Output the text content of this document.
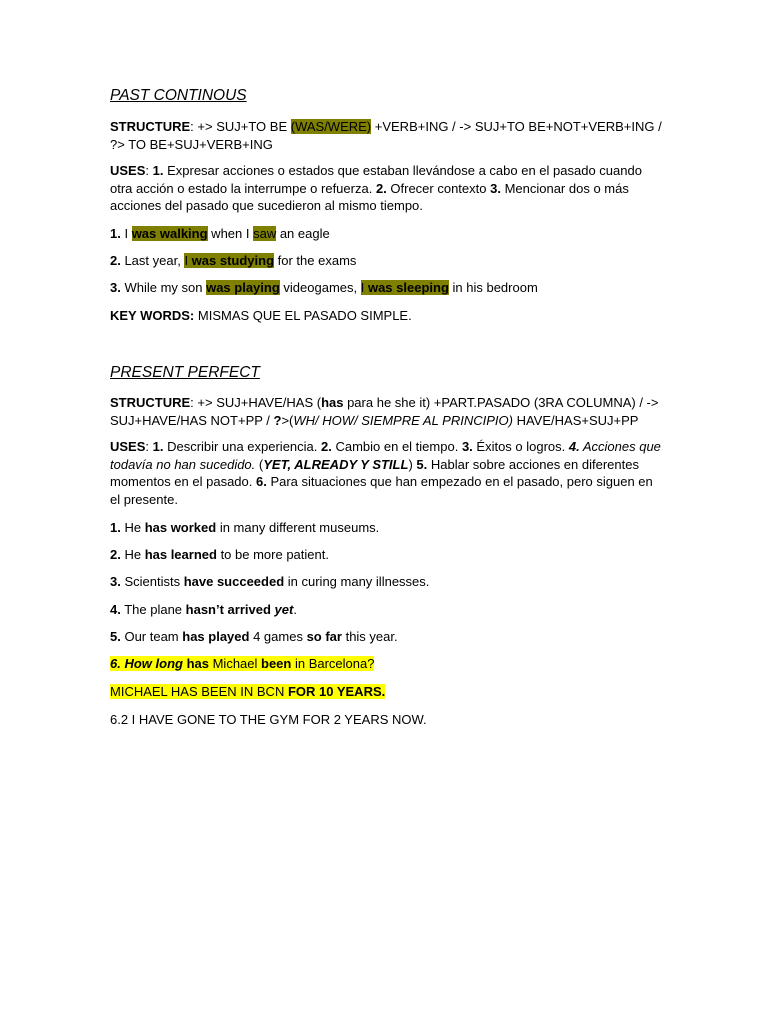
PAST CONTINOUS
STRUCTURE: +> SUJ+TO BE (WAS/WERE) +VERB+ING / -> SUJ+TO BE+NOT+VERB+ING / ?> TO BE+SUJ+VERB+ING
USES: 1. Expresar acciones o estados que estaban llevándose a cabo en el pasado cuando otra acción o estado la interrumpe o refuerza. 2. Ofrecer contexto 3. Mencionar dos o más acciones del pasado que sucedieron al mismo tiempo.
1. I was walking when I saw an eagle
2. Last year, I was studying for the exams
3. While my son was playing videogames, I was sleeping in his bedroom
KEY WORDS: MISMAS QUE EL PASADO SIMPLE.
PRESENT PERFECT
STRUCTURE: +> SUJ+HAVE/HAS (has para he she it) +PART.PASADO (3RA COLUMNA) / -> SUJ+HAVE/HAS NOT+PP / ?>(WH/ HOW/ SIEMPRE AL PRINCIPIO) HAVE/HAS+SUJ+PP
USES: 1. Describir una experiencia. 2. Cambio en el tiempo. 3. Éxitos o logros. 4. Acciones que todavía no han sucedido. (YET, ALREADY Y STILL) 5. Hablar sobre acciones en diferentes momentos en el pasado. 6. Para situaciones que han empezado en el pasado, pero siguen en el presente.
1. He has worked in many different museums.
2. He has learned to be more patient.
3. Scientists have succeeded in curing many illnesses.
4. The plane hasn’t arrived yet.
5. Our team has played 4 games so far this year.
6. How long has Michael been in Barcelona?
MICHAEL HAS BEEN IN BCN FOR 10 YEARS.
6.2 I HAVE GONE TO THE GYM FOR 2 YEARS NOW.
